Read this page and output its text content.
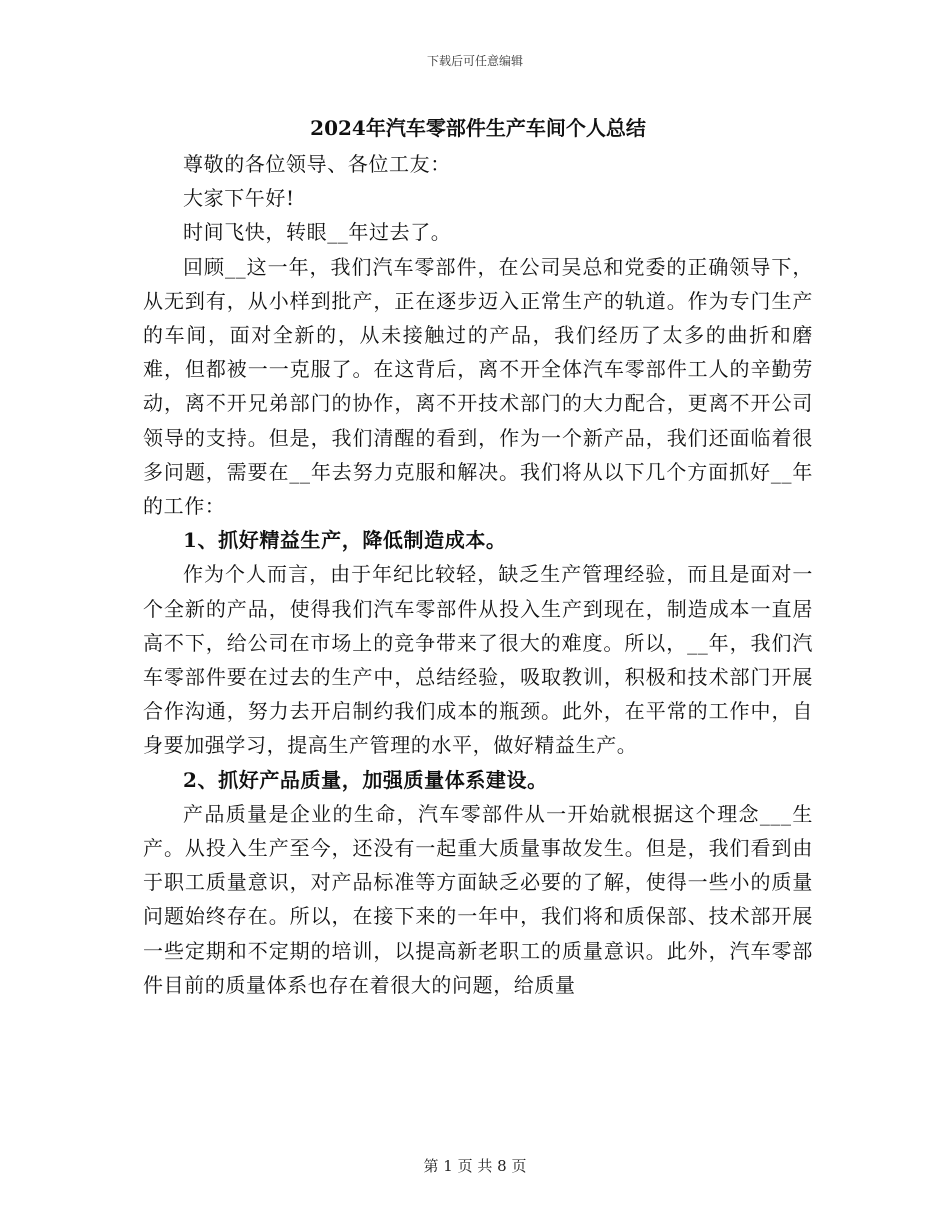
下载后可任意编辑
2024年汽车零部件生产车间个人总结

尊敬的各位领导、各位工友：

大家下午好!

时间飞快，转眼__年过去了。

回顾__这一年，我们汽车零部件，在公司吴总和党委的正确领导下，从无到有，从小样到批产，正在逐步迈入正常生产的轨道。作为专门生产的车间，面对全新的，从未接触过的产品，我们经历了太多的曲折和磨难，但都被一一克服了。在这背后，离不开全体汽车零部件工人的辛勤劳动，离不开兄弟部门的协作，离不开技术部门的大力配合，更离不开公司领导的支持。但是，我们清醒的看到，作为一个新产品，我们还面临着很多问题，需要在__年去努力克服和解决。我们将从以下几个方面抓好__年的工作：

1、抓好精益生产，降低制造成本。

作为个人而言，由于年纪比较轻，缺乏生产管理经验，而且是面对一个全新的产品，使得我们汽车零部件从投入生产到现在，制造成本一直居高不下，给公司在市场上的竞争带来了很大的难度。所以，__年，我们汽车零部件要在过去的生产中，总结经验，吸取教训，积极和技术部门开展合作沟通，努力去开启制约我们成本的瓶颈。此外，在平常的工作中，自身要加强学习，提高生产管理的水平，做好精益生产。

2、抓好产品质量，加强质量体系建设。

产品质量是企业的生命，汽车零部件从一开始就根据这个理念___生产。从投入生产至今，还没有一起重大质量事故发生。但是，我们看到由于职工质量意识，对产品标准等方面缺乏必要的了解，使得一些小的质量问题始终存在。所以，在接下来的一年中，我们将和质保部、技术部开展一些定期和不定期的培训，以提高新老职工的质量意识。此外，汽车零部件目前的质量体系也存在着很大的问题，给质量

第 1 页 共 8 页
